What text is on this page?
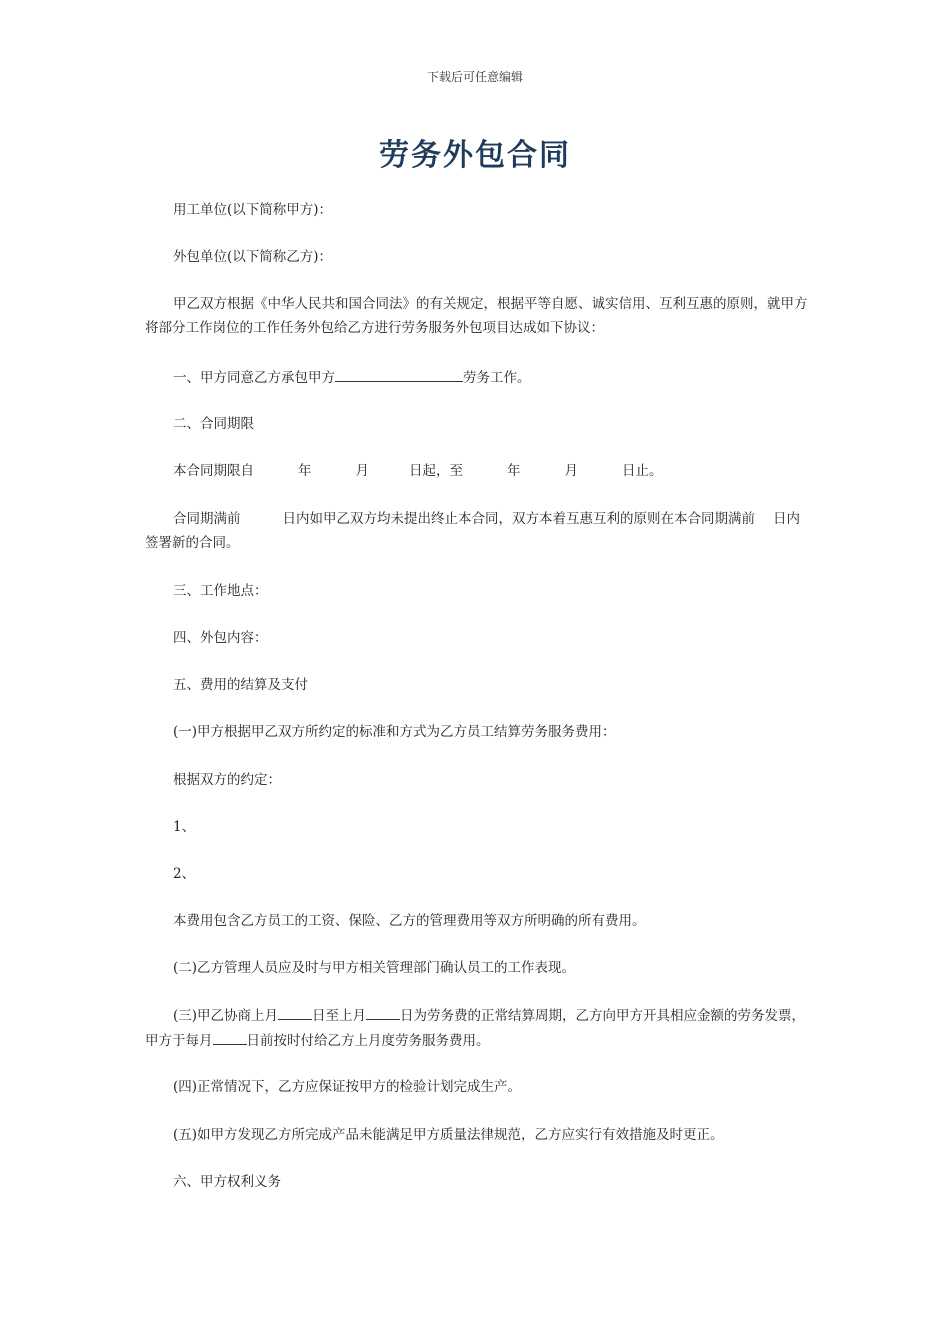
下载后可任意编辑
劳务外包合同
用工单位(以下简称甲方)：
外包单位(以下简称乙方)：
甲乙双方根据《中华人民共和国合同法》的有关规定，根据平等自愿、诚实信用、互利互惠的原则，就甲方将部分工作岗位的工作任务外包给乙方进行劳务服务外包项目达成如下协议：
一、甲方同意乙方承包甲方	劳务工作。
二、合同期限
本合同期限自	年	月	日起，至	年	月	日止。
合同期满前	日内如甲乙双方均未提出终止本合同，双方本着互惠互利的原则在本合同期满前 日内签署新的合同。
三、工作地点：
四、外包内容：
五、费用的结算及支付
(一)甲方根据甲乙双方所约定的标准和方式为乙方员工结算劳务服务费用：
根据双方的约定：
1、
2、
本费用包含乙方员工的工资、保险、乙方的管理费用等双方所明确的所有费用。
(二)乙方管理人员应及时与甲方相关管理部门确认员工的工作表现。
(三)甲乙协商上月	日至上月	日为劳务费的正常结算周期，乙方向甲方开具相应金额的劳务发票，甲方于每月	日前按时付给乙方上月度劳务服务费用。
(四)正常情况下，乙方应保证按甲方的检验计划完成生产。
(五)如甲方发现乙方所完成产品未能满足甲方质量法律规范，乙方应实行有效措施及时更正。
六、甲方权利义务
